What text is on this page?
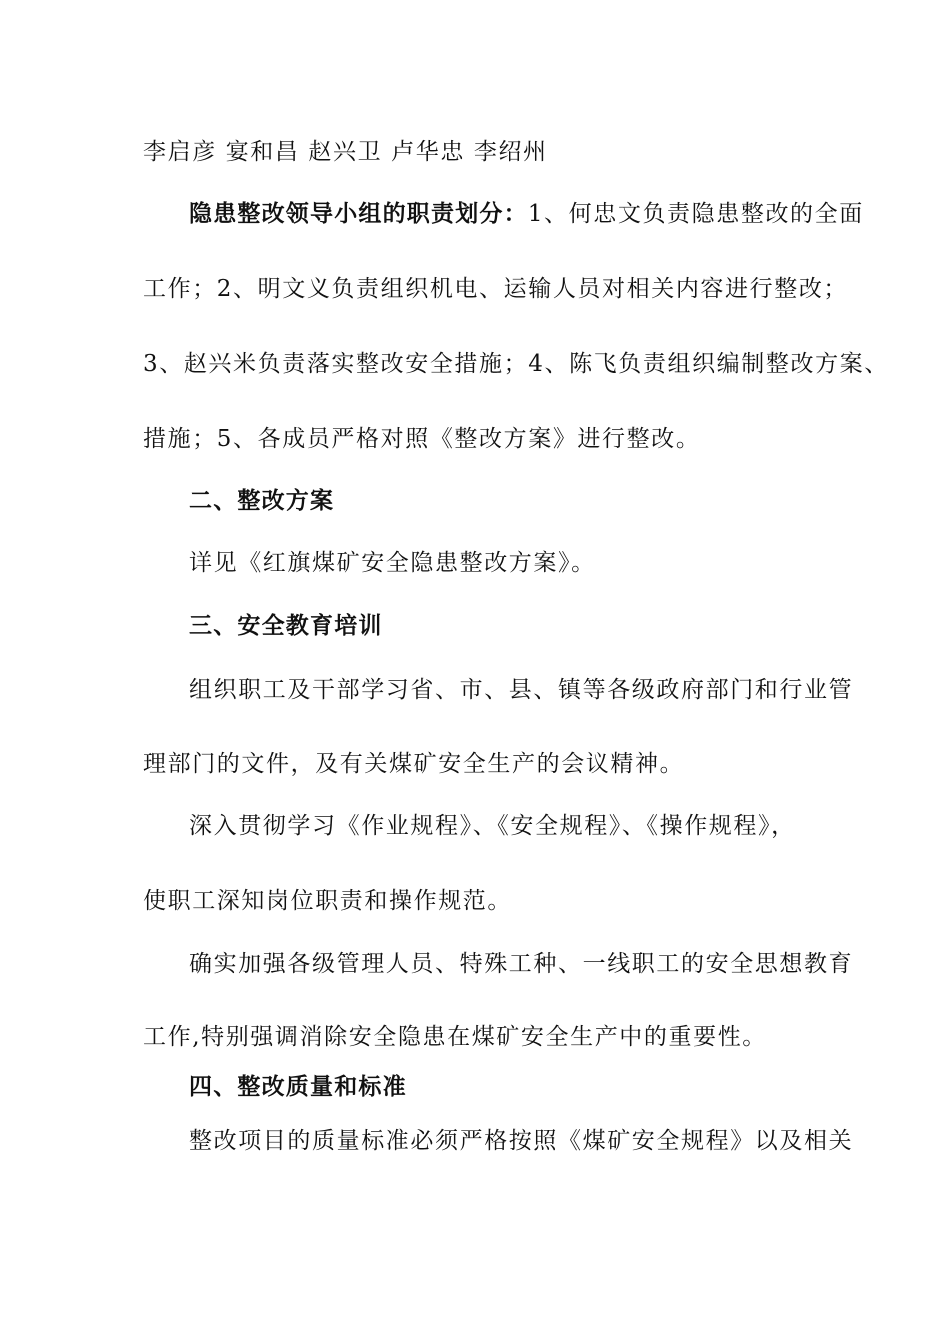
李启彦 宴和昌 赵兴卫 卢华忠 李绍州
隐患整改领导小组的职责划分：1、何忠文负责隐患整改的全面
工作；2、明文义负责组织机电、运输人员对相关内容进行整改；
3、赵兴米负责落实整改安全措施；4、陈飞负责组织编制整改方案、
措施；5、各成员严格对照《整改方案》进行整改。
二、整改方案
详见《红旗煤矿安全隐患整改方案》。
三、安全教育培训
组织职工及干部学习省、市、县、镇等各级政府部门和行业管
理部门的文件，及有关煤矿安全生产的会议精神。
深入贯彻学习《作业规程》、《安全规程》、《操作规程》，
使职工深知岗位职责和操作规范。
确实加强各级管理人员、特殊工种、一线职工的安全思想教育
工作,特别强调消除安全隐患在煤矿安全生产中的重要性。
四、整改质量和标准
整改项目的质量标准必须严格按照《煤矿安全规程》以及相关
